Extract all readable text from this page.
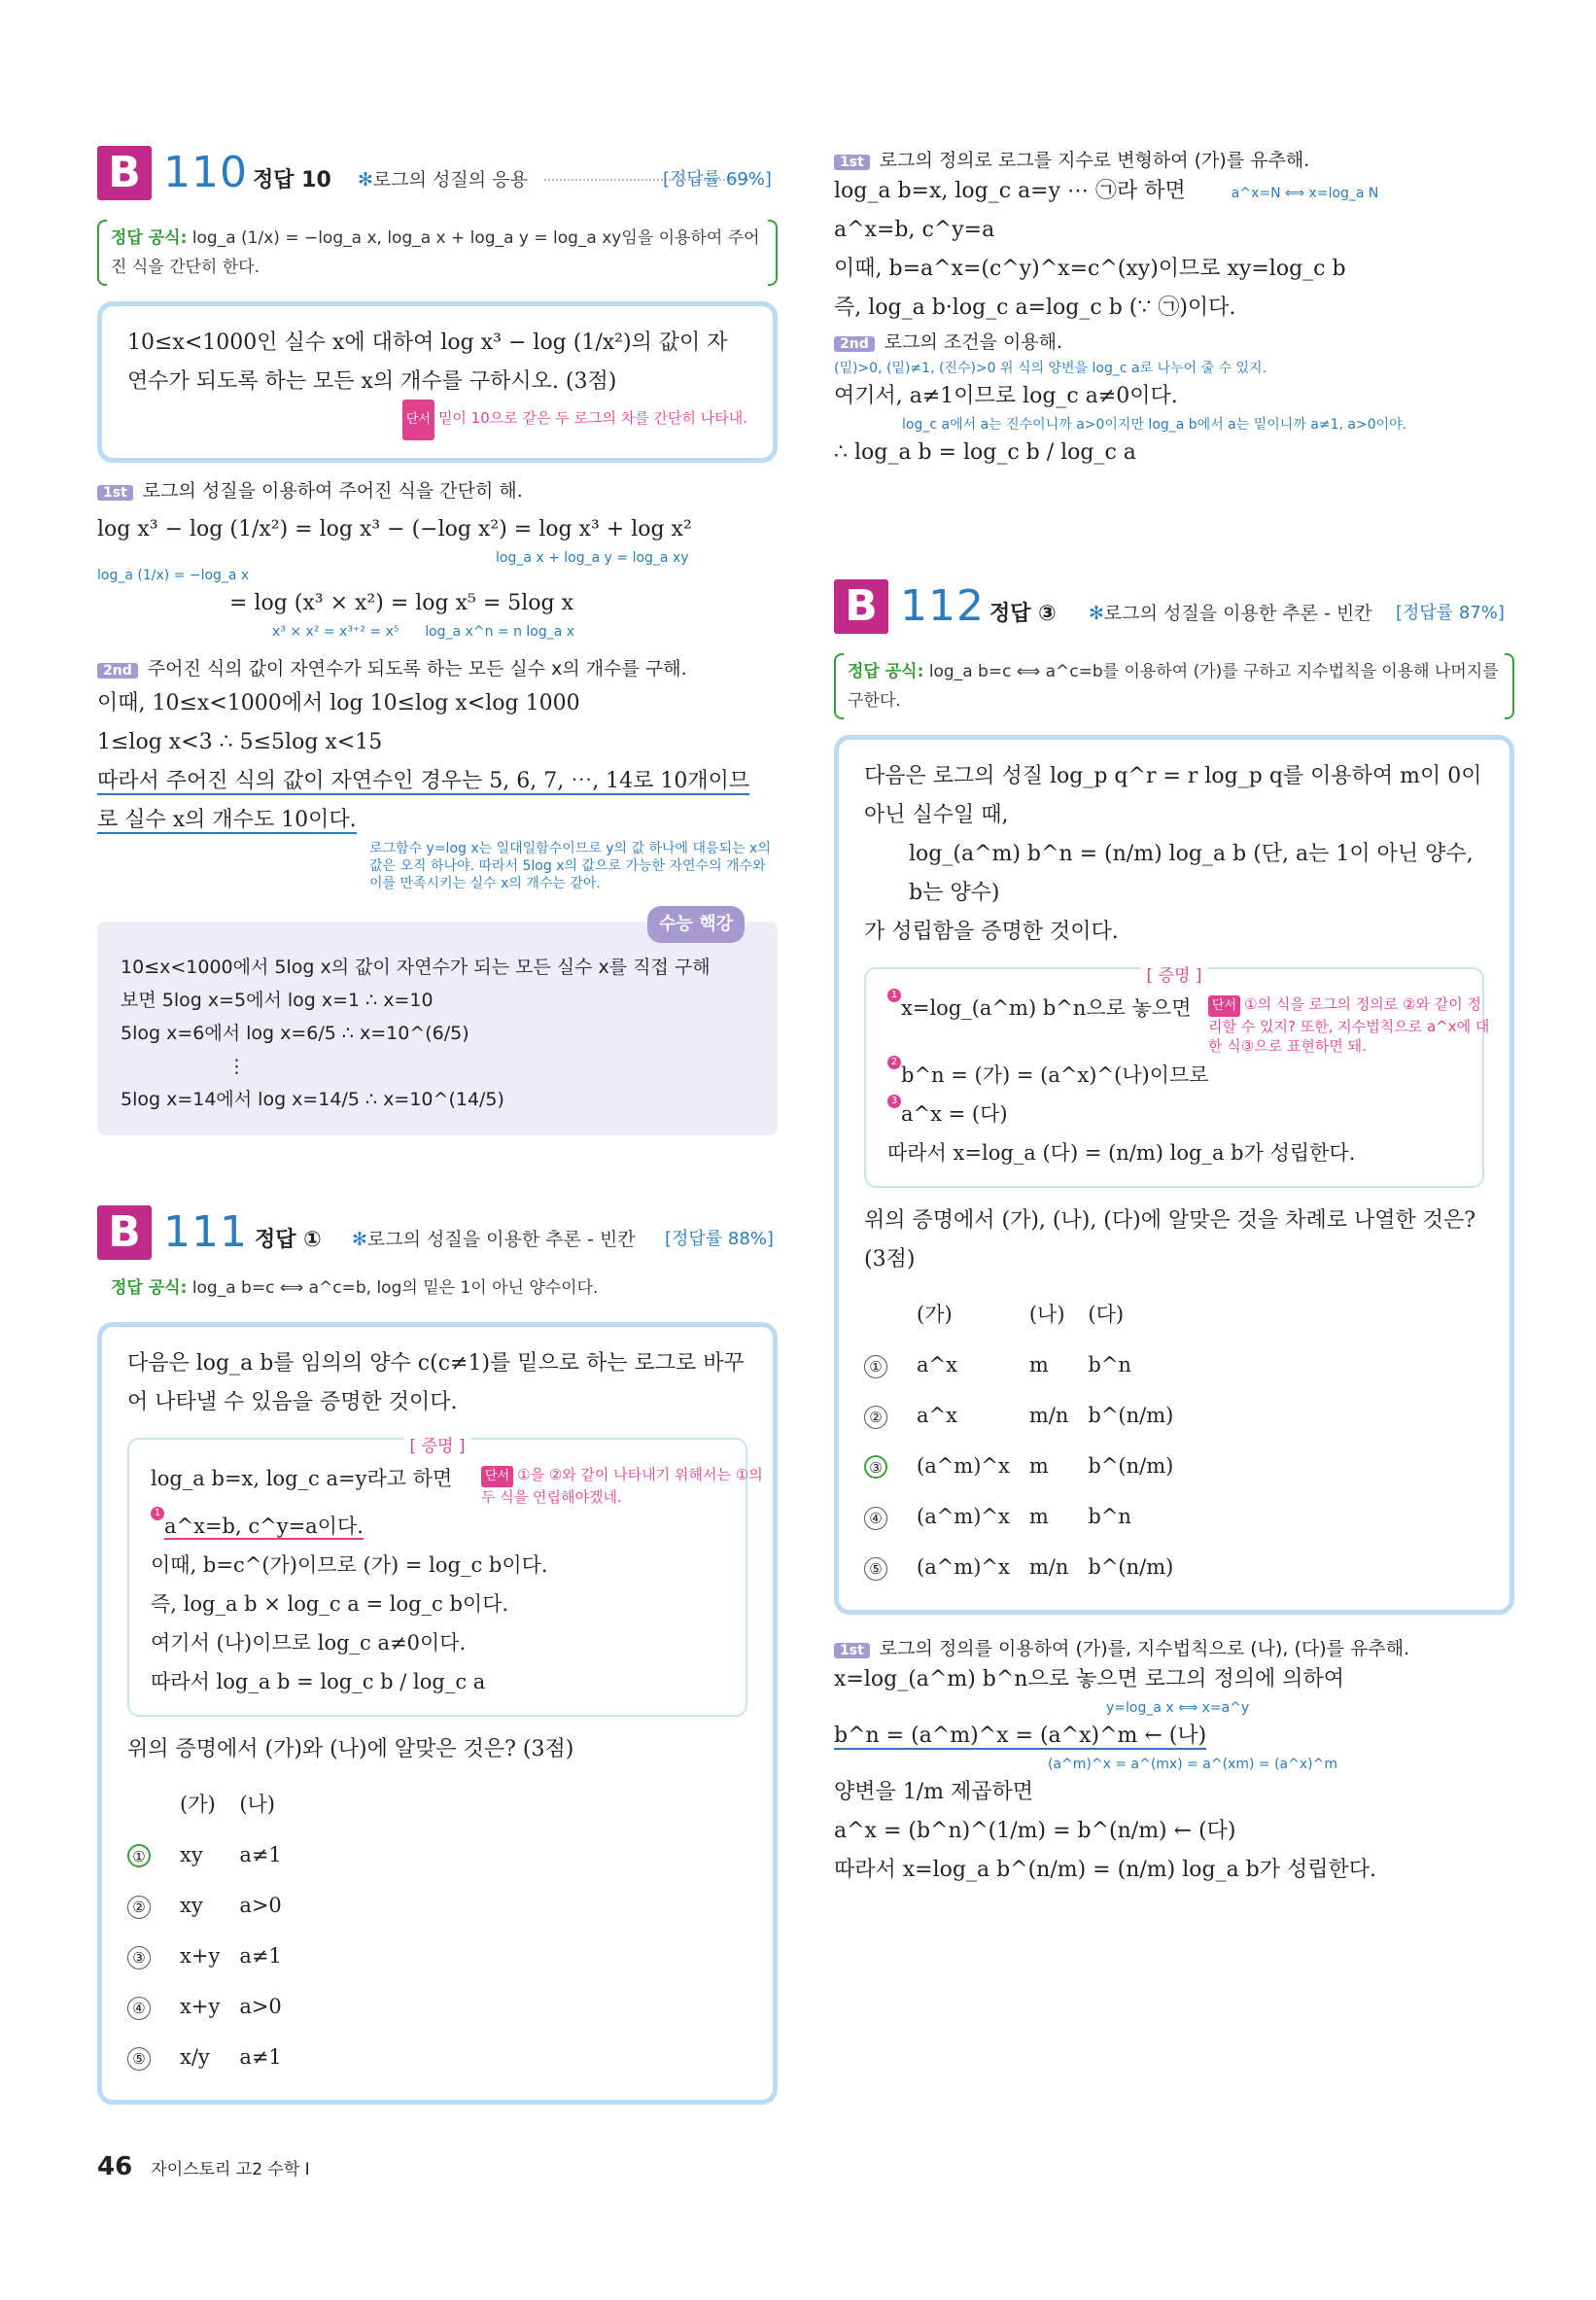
B 110 정답 10 ✻로그의 성질의 응용	[정답률 69%]
정답 공식: log_a (1/x) = −log_a x, log_a x + log_a y = log_a xy임을 이용하여 주어진 식을 간단히 한다.
10≤x<1000인 실수 x에 대하여 log x³ − log (1/x²)의 값이 자연수가 되도록 하는 모든 x의 개수를 구하시오. (3점)
단서 밑이 10으로 같은 두 로그의 차를 간단히 나타내.
1st 로그의 성질을 이용하여 주어진 식을 간단히 해.
log x³ − log (1/x²) = log x³ − (−log x²) = log x³ + log x²
log_a x + log_a y = log_a xy
log_a (1/x) = −log_a x
= log (x³ × x²) = log x⁵ = 5log x
x³ × x² = x³⁺² = x⁵ log_a x^n = n log_a x
2nd 주어진 식의 값이 자연수가 되도록 하는 모든 실수 x의 개수를 구해.
이때, 10≤x<1000에서 log 10≤log x<log 1000
1≤log x<3 ∴ 5≤5log x<15
따라서 주어진 식의 값이 자연수인 경우는 5, 6, 7, ⋯, 14로 10개이므로 실수 x의 개수도 10이다.
로그함수 y=log x는 일대일함수이므로 y의 값 하나에 대응되는 x의 값은 오직 하나야. 따라서 5log x의 값으로 가능한 자연수의 개수와 이를 만족시키는 실수 x의 개수는 같아.
수능 핵강
10≤x<1000에서 5log x의 값이 자연수가 되는 모든 실수 x를 직접 구해
보면 5log x=5에서 log x=1 ∴ x=10
5log x=6에서 log x=6/5 ∴ x=10^(6/5)
⋮
5log x=14에서 log x=14/5 ∴ x=10^(14/5)
B 111 정답 ① ✻로그의 성질을 이용한 추론 - 빈칸 [정답률 88%]
정답 공식: log_a b=c ⟺ a^c=b, log의 밑은 1이 아닌 양수이다.
다음은 log_a b를 임의의 양수 c(c≠1)를 밑으로 하는 로그로 바꾸어 나타낼 수 있음을 증명한 것이다.
[ 증명 ]
log_a b=x, log_c a=y라고 하면	단서 ①을 ②와 같이 나타내기 위해서는 ①의 두 식을 연립해야겠네.
1a^x=b, c^y=a이다.
이때, b=c^(가)이므로 (가) = log_c b이다.
즉, log_a b × log_c a = log_c b이다.
여기서 (나)이므로 log_c a≠0이다.
따라서 log_a b = log_c b / log_c a
위의 증명에서 (가)와 (나)에 알맞은 것은? (3점)
	(가)	(나)
①	xy	a≠1
②	xy	a>0
③	x+y	a≠1
④	x+y	a>0
⑤	x/y	a≠1
1st 로그의 정의로 로그를 지수로 변형하여 (가)를 유추해.
log_a b=x, log_c a=y ⋯ ㉠라 하면	a^x=N ⟺ x=log_a N
a^x=b, c^y=a
이때, b=a^x=(c^y)^x=c^(xy)이므로 xy=log_c b
즉, log_a b·log_c a=log_c b (∵ ㉠)이다.
2nd 로그의 조건을 이용해.
(밑)>0, (밑)≠1, (진수)>0 위 식의 양변을 log_c a로 나누어 줄 수 있지.
여기서, a≠1이므로 log_c a≠0이다.
log_c a에서 a는 진수이니까 a>0이지만 log_a b에서 a는 밑이니까 a≠1, a>0이야.
∴ log_a b = log_c b / log_c a
B 112 정답 ③ ✻로그의 성질을 이용한 추론 - 빈칸 [정답률 87%]
정답 공식: log_a b=c ⟺ a^c=b를 이용하여 (가)를 구하고 지수법칙을 이용해 나머지를 구한다.
다음은 로그의 성질 log_p q^r = r log_p q를 이용하여 m이 0이 아닌 실수일 때,
log_(a^m) b^n = (n/m) log_a b (단, a는 1이 아닌 양수, b는 양수)
가 성립함을 증명한 것이다.
[ 증명 ]
1x=log_(a^m) b^n으로 놓으면	단서 ①의 식을 로그의 정의로 ②와 같이 정리할 수 있지? 또한, 지수법칙으로 a^x에 대한 식③으로 표현하면 돼.
2b^n = (가) = (a^x)^(나)이므로
3a^x = (다)
따라서 x=log_a (다) = (n/m) log_a b가 성립한다.
위의 증명에서 (가), (나), (다)에 알맞은 것을 차례로 나열한 것은? (3점)
	(가)	(나)	(다)
①	a^x	m	b^n
②	a^x	m/n	b^(n/m)
③	(a^m)^x	m	b^(n/m)
④	(a^m)^x	m	b^n
⑤	(a^m)^x	m/n	b^(n/m)
1st 로그의 정의를 이용하여 (가)를, 지수법칙으로 (나), (다)를 유추해.
x=log_(a^m) b^n으로 놓으면 로그의 정의에 의하여
y=log_a x ⟺ x=a^y
b^n = (a^m)^x = (a^x)^m ← (나)
(a^m)^x = a^(mx) = a^(xm) = (a^x)^m
양변을 1/m 제곱하면
a^x = (b^n)^(1/m) = b^(n/m) ← (다)
따라서 x=log_a b^(n/m) = (n/m) log_a b가 성립한다.
46 자이스토리 고2 수학 I
